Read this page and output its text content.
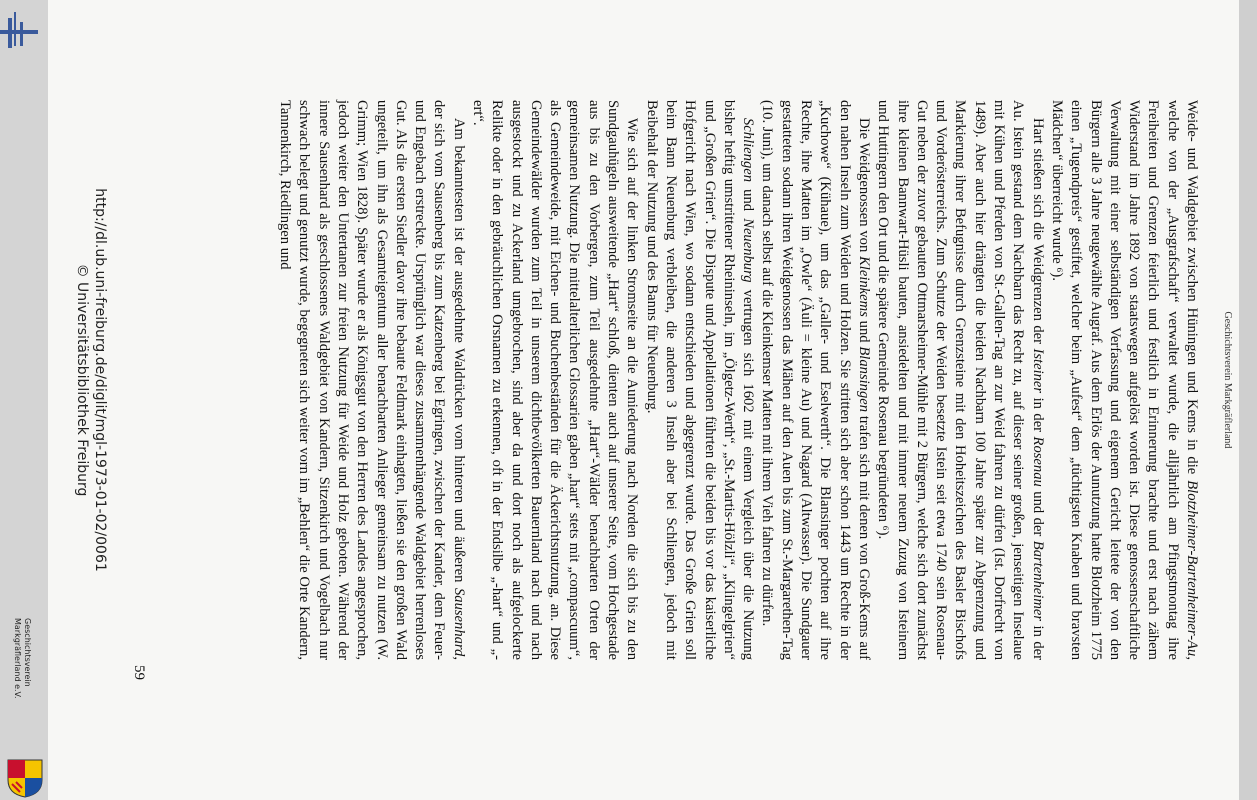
Geschichtsverein
Markgräflerland e.V.
Geschichtsverein Markgräflerland

Weide- und Waldgebiet zwischen Hüningen und Kems in die Blotzheimer-Bartenheimer-Au, welche von der „Ausgrafschaft“ verwaltet wurde, die alljährlich am Pfingstmontag ihre Freiheiten und Grenzen feierlich und festlich in Erinnerung brachte und erst nach zähem Widerstand im Jahre 1892 von staatswegen aufgelöst worden ist. Diese genossenschaftliche Verwaltung mit einer selbständigen Verfassung und eigenem Gericht leitete der von den Bürgern alle 3 Jahre neugewählte Augraf. Aus dem Erlös der Aunutzung hatte Blotzheim 1775 einen „Tugendpreis“ gestiftet, welcher beim „Aufest“ dem „tüchtigsten Knaben und bravsten Mädchen“ überreicht wurde ⁶).

Hart stießen sich die Weidgrenzen der Isteiner in der Rosenau und der Bartenheimer in der Au. Istein gestand dem Nachbarn das Recht zu, auf dieser seiner großen, jenseitigen Inselaue mit Kühen und Pferden von St.-Gallen-Tag an zur Weid fahren zu dürfen (Ist. Dorfrecht von 1489). Aber auch hier drängten die beiden Nachbarn 100 Jahre später zur Abgrenzung und Markierung ihrer Befugnisse durch Grenzsteine mit den Hoheitszeichen des Basler Bischofs und Vorderösterreichs. Zum Schutze der Weiden besetzte Istein seit etwa 1740 sein Rosenau-Gut neben der zuvor gebauten Ottmarsheimer-Mühle mit 2 Bürgern, welche sich dort zunächst ihre kleinen Bannwart-Hüsli bauten, ansiedelten und mit immer neuem Zuzug von Isteinern und Huttingern den Ort und die spätere Gemeinde Rosenau begründeten ⁶).

Die Weidgenossen von Kleinkems und Blansingen trafen sich mit denen von Groß-Kems auf den nahen Inseln zum Weiden und Holzen. Sie stritten sich aber schon 1443 um Rechte in der „Kuchowe“ (Kühaue), um das „Galler- und Eselwerth“. Die Blansinger pochten auf ihre Rechte, ihre Matten im „Owle“ (Äuli = kleine Au) und Nagard (Altwasser). Die Sundgauer gestatteten sodann ihren Weidgenossen das Mähen auf den Auen bis zum St.-Margarethen-Tag (10. Juni), um danach selbst auf die Kleinkemser Matten mit ihrem Vieh fahren zu dürfen.

Schliengen und Neuenburg vertrugen sich 1602 mit einem Vergleich über die Nutzung bisher heftig umstrittener Rheininseln, im „Ölgetz-Werth“, „St.-Martis-Hölzli“, „Klingelgrien“ und „Großen Grien“. Die Dispute und Appellationen führten die beiden bis vor das kaiserliche Hofgericht nach Wien, wo sodann entschieden und abgegrenzt wurde. Das Große Grien soll beim Bann Neuenburg verbleiben, die anderen 3 Inseln aber bei Schliengen, jedoch mit Beibehalt der Nutzung und des Banns für Neuenburg.

Wie sich auf der linken Stromseite an die Auniederung nach Norden die sich bis zu den Sundgauhügeln ausweitende „Hart“ schloß, dienten auch auf unserer Seite, vom Hochgestade aus bis zu den Vorbergen, zum Teil ausgedehnte „Hart“-Wälder benachbarten Orten der gemeinsamen Nutzung. Die mittelalterlichen Glossarien gaben „hart“ stets mit „compascuum“, als Gemeindeweide, mit Eichen- und Buchenbeständen für die Äckerichtsnutzung, an. Diese Gemeindewälder wurden zum Teil in unserem dichtbevölkerten Bauernland nach und nach ausgestockt und zu Ackerland umgebrochen, sind aber da und dort noch als aufgelockerte Relikte oder in den gebräuchlichen Orsnamen zu erkennen, oft in der Endsilbe „-hart“ und „-ert“.

Am bekanntesten ist der ausgedehnte Waldrücken vom hinteren und äußeren Sausenhard, der sich vom Sausenberg bis zum Katzenberg bei Egringen, zwischen der Kander, dem Feuer- und Engebach erstreckte. Ursprünglich war dieses zusammenhängende Waldgebiet herrenloses Gut. Als die ersten Siedler davor ihre bebaute Feldmark einhagten, ließen sie den großen Wald ungeteilt, um ihn als Gesamteigentum aller benachbarten Anlieger gemeinsam zu nutzen (W. Grimm; Wien 1828). Später wurde er als Königsgut von den Herren des Landes angesprochen, jedoch weiter den Untertanen zur freien Nutzung für Weide und Holz geboten. Während der innere Sausenhard als geschlossenes Waldgebiet von Kandern, Sitzenkirch und Vogelbach nur schwach belegt und genutzt wurde, begegneten sich weiter vorn im „Behlen“ die Orte Kandern, Tannenkirch, Riedlingen und

59
http://dl.ub.uni-freiburg.de/diglit/mgl-1973-01-02/0061
© Universitätsbibliothek Freiburg
